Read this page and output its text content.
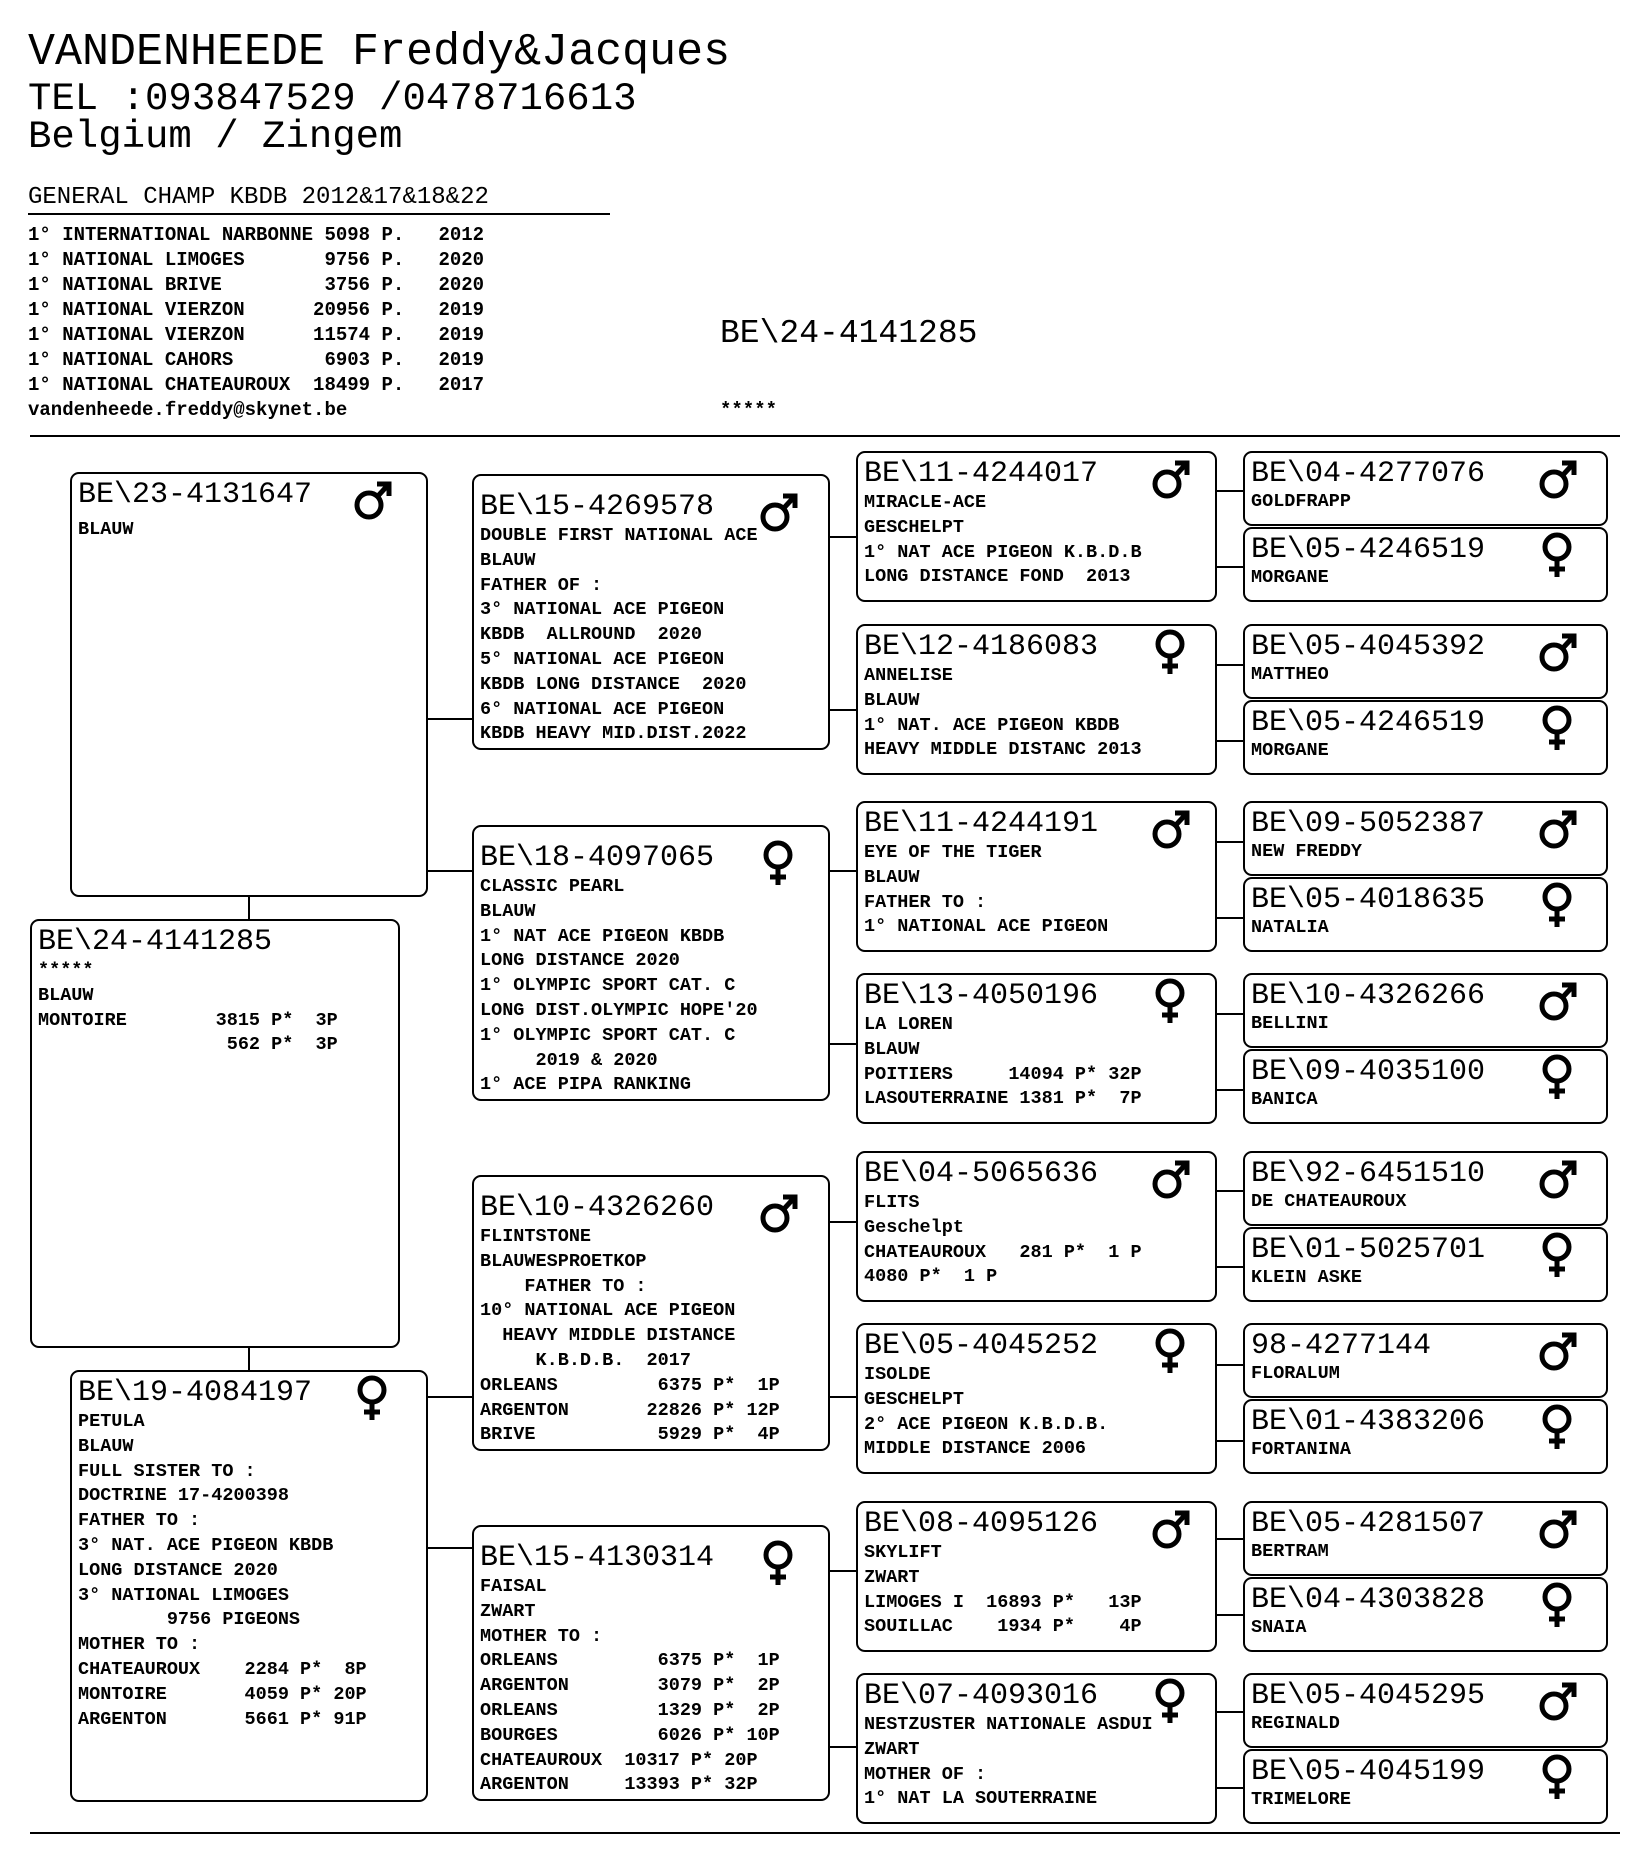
VANDENHEEDE Freddy&Jacques
TEL :093847529 /0478716613
Belgium / Zingem
GENERAL CHAMP KBDB 2012&17&18&22
1° INTERNATIONAL NARBONNE 5098 P.   2012
1° NATIONAL LIMOGES       9756 P.   2020
1° NATIONAL BRIVE         3756 P.   2020
1° NATIONAL VIERZON      20956 P.   2019
1° NATIONAL VIERZON      11574 P.   2019
1° NATIONAL CAHORS        6903 P.   2019
1° NATIONAL CHATEAUROUX  18499 P.   2017
vandenheede.freddy@skynet.be
BE\24-4141285
*****
BE\24-4141285
*****
BLAUW
MONTOIRE        3815 P*  3P
562 P*  3P
BE\23-4131647
BLAUW
BE\19-4084197
PETULA
BLAUW
FULL SISTER TO :
DOCTRINE 17-4200398
FATHER TO :
3° NAT. ACE PIGEON KBDB
LONG DISTANCE 2020
3° NATIONAL LIMOGES
9756 PIGEONS
MOTHER TO :
CHATEAUROUX    2284 P*  8P
MONTOIRE       4059 P* 20P
ARGENTON       5661 P* 91P
BE\15-4269578
DOUBLE FIRST NATIONAL ACE
BLAUW
FATHER OF :
3° NATIONAL ACE PIGEON
KBDB  ALLROUND  2020
5° NATIONAL ACE PIGEON
KBDB LONG DISTANCE  2020
6° NATIONAL ACE PIGEON
KBDB HEAVY MID.DIST.2022
BE\18-4097065
CLASSIC PEARL
BLAUW
1° NAT ACE PIGEON KBDB
LONG DISTANCE 2020
1° OLYMPIC SPORT CAT. C
LONG DIST.OLYMPIC HOPE'20
1° OLYMPIC SPORT CAT. C
2019 & 2020
1° ACE PIPA RANKING
BE\10-4326260
FLINTSTONE
BLAUWESPROETKOP
FATHER TO :
10° NATIONAL ACE PIGEON
HEAVY MIDDLE DISTANCE
K.B.D.B.  2017
ORLEANS         6375 P*  1P
ARGENTON       22826 P* 12P
BRIVE           5929 P*  4P
BE\15-4130314
FAISAL
ZWART
MOTHER TO :
ORLEANS         6375 P*  1P
ARGENTON        3079 P*  2P
ORLEANS         1329 P*  2P
BOURGES         6026 P* 10P
CHATEAUROUX  10317 P* 20P
ARGENTON     13393 P* 32P
BE\11-4244017
MIRACLE-ACE
GESCHELPT
1° NAT ACE PIGEON K.B.D.B
LONG DISTANCE FOND  2013
BE\12-4186083
ANNELISE
BLAUW
1° NAT. ACE PIGEON KBDB
HEAVY MIDDLE DISTANC 2013
BE\11-4244191
EYE OF THE TIGER
BLAUW
FATHER TO :
1° NATIONAL ACE PIGEON
BE\13-4050196
LA LOREN
BLAUW
POITIERS     14094 P* 32P
LASOUTERRAINE 1381 P*  7P
BE\04-5065636
FLITS
Geschelpt
CHATEAUROUX   281 P*  1 P
4080 P*  1 P
BE\05-4045252
ISOLDE
GESCHELPT
2° ACE PIGEON K.B.D.B.
MIDDLE DISTANCE 2006
BE\08-4095126
SKYLIFT
ZWART
LIMOGES I  16893 P*   13P
SOUILLAC    1934 P*    4P
BE\07-4093016
NESTZUSTER NATIONALE ASDUI
ZWART
MOTHER OF :
1° NAT LA SOUTERRAINE
BE\04-4277076
GOLDFRAPP
BE\05-4246519
MORGANE
BE\05-4045392
MATTHEO
BE\05-4246519
MORGANE
BE\09-5052387
NEW FREDDY
BE\05-4018635
NATALIA
BE\10-4326266
BELLINI
BE\09-4035100
BANICA
BE\92-6451510
DE CHATEAUROUX
BE\01-5025701
KLEIN ASKE
98-4277144
FLORALUM
BE\01-4383206
FORTANINA
BE\05-4281507
BERTRAM
BE\04-4303828
SNAIA
BE\05-4045295
REGINALD
BE\05-4045199
TRIMELORE
